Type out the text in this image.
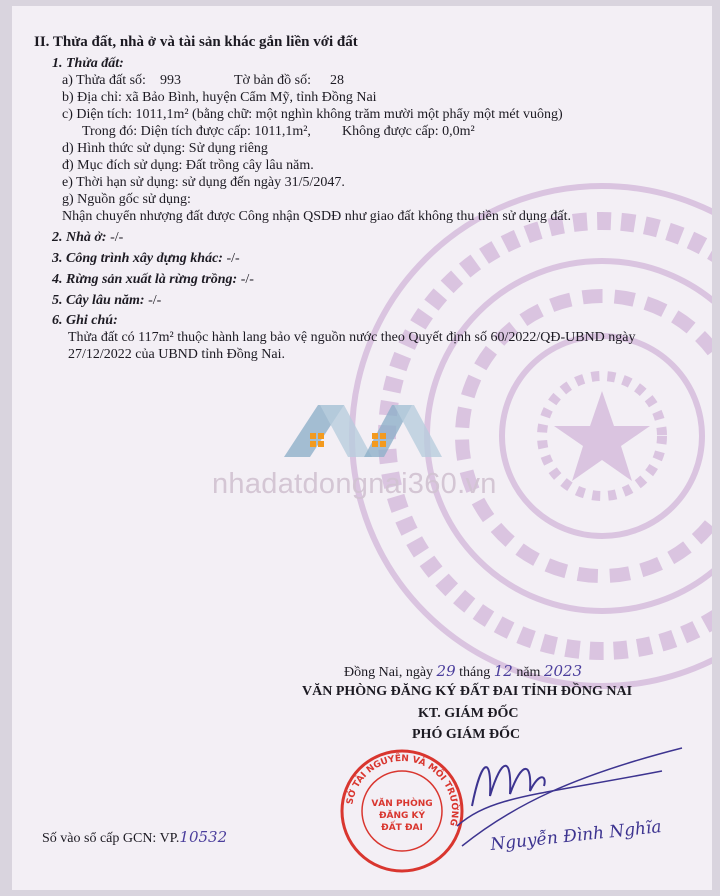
II. Thửa đất, nhà ở và tài sản khác gắn liền với đất
1. Thửa đất:
a) Thửa đất số: 993	Tờ bản đồ số: 28
b) Địa chỉ: xã Bảo Bình, huyện Cẩm Mỹ, tỉnh Đồng Nai
c) Diện tích: 1011,1m² (bằng chữ: một nghìn không trăm mười một phẩy một mét vuông)
Trong đó: Diện tích được cấp: 1011,1m², Không được cấp: 0,0m²
d) Hình thức sử dụng: Sử dụng riêng
đ) Mục đích sử dụng: Đất trồng cây lâu năm.
e) Thời hạn sử dụng: sử dụng đến ngày 31/5/2047.
g) Nguồn gốc sử dụng:
Nhận chuyển nhượng đất được Công nhận QSDĐ như giao đất không thu tiền sử dụng đất.
2. Nhà ở: -/-
3. Công trình xây dựng khác: -/-
4. Rừng sản xuất là rừng trồng: -/-
5. Cây lâu năm: -/-
6. Ghi chú:
Thửa đất có 117m² thuộc hành lang bảo vệ nguồn nước theo Quyết định số 60/2022/QĐ-UBND ngày
27/12/2022 của UBND tỉnh Đồng Nai.
nhadatdongnai360.vn
Đồng Nai, ngày 29 tháng 12 năm 2023
VĂN PHÒNG ĐĂNG KÝ ĐẤT ĐAI TỈNH ĐỒNG NAI
KT. GIÁM ĐỐC
PHÓ GIÁM ĐỐC
SỞ TÀI NGUYÊN VÀ MÔI TRƯỜNG
VĂN PHÒNG
ĐĂNG KÝ
ĐẤT ĐAI	Nguyễn Đình Nghĩa
Số vào sổ cấp GCN: VP.10532
